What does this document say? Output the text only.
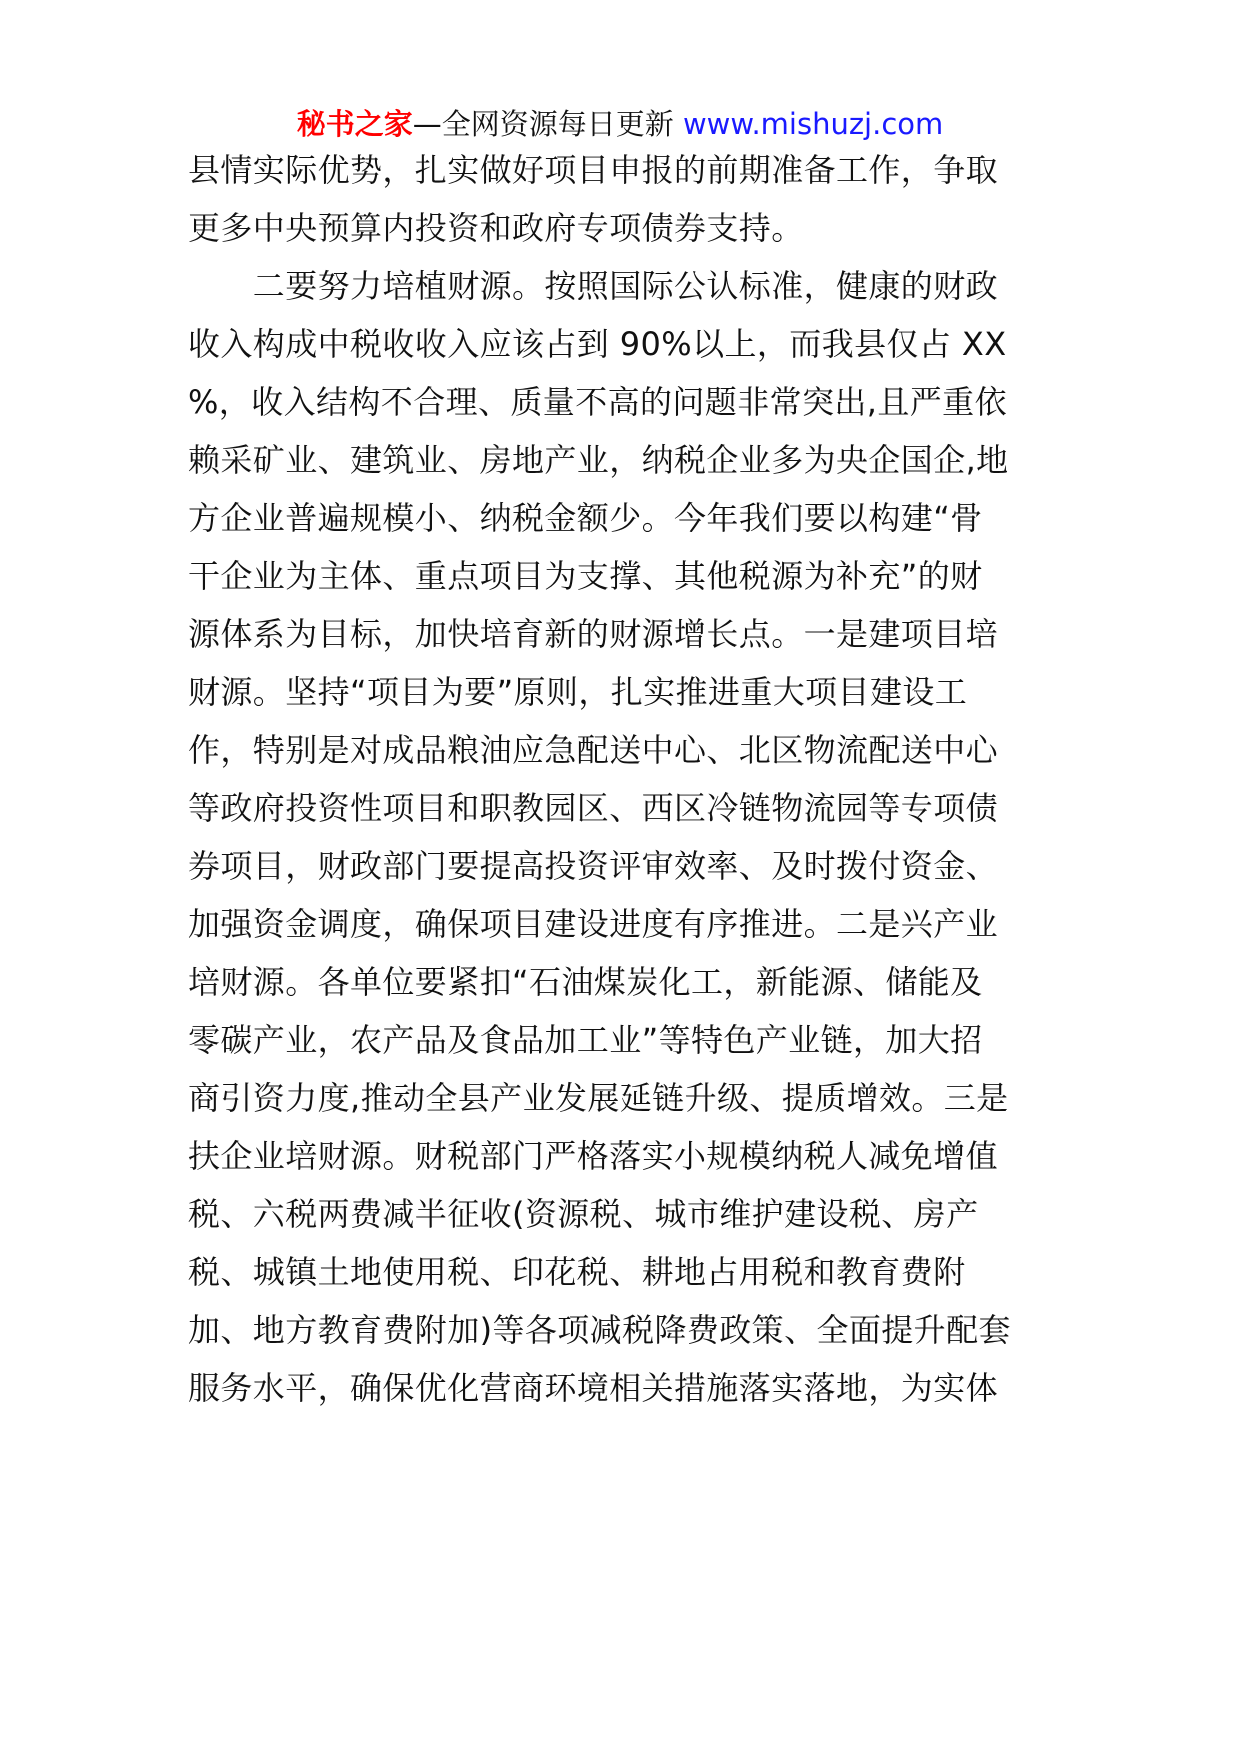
秘书之家—全网资源每日更新 www.mishuzj.com
县情实际优势，扎实做好项目申报的前期准备工作，争取
更多中央预算内投资和政府专项债券支持。
　　二要努力培植财源。按照国际公认标准，健康的财政
收入构成中税收收入应该占到 90%以上，而我县仅占 XX
%，收入结构不合理、质量不高的问题非常突出,且严重依
赖采矿业、建筑业、房地产业，纳税企业多为央企国企,地
方企业普遍规模小、纳税金额少。今年我们要以构建“骨
干企业为主体、重点项目为支撑、其他税源为补充”的财
源体系为目标，加快培育新的财源增长点。一是建项目培
财源。坚持“项目为要”原则，扎实推进重大项目建设工
作，特别是对成品粮油应急配送中心、北区物流配送中心
等政府投资性项目和职教园区、西区冷链物流园等专项债
券项目，财政部门要提高投资评审效率、及时拨付资金、
加强资金调度，确保项目建设进度有序推进。二是兴产业
培财源。各单位要紧扣“石油煤炭化工，新能源、储能及
零碳产业，农产品及食品加工业”等特色产业链，加大招
商引资力度,推动全县产业发展延链升级、提质增效。三是
扶企业培财源。财税部门严格落实小规模纳税人减免增值
税、六税两费减半征收(资源税、城市维护建设税、房产
税、城镇土地使用税、印花税、耕地占用税和教育费附
加、地方教育费附加)等各项减税降费政策、全面提升配套
服务水平，确保优化营商环境相关措施落实落地，为实体
